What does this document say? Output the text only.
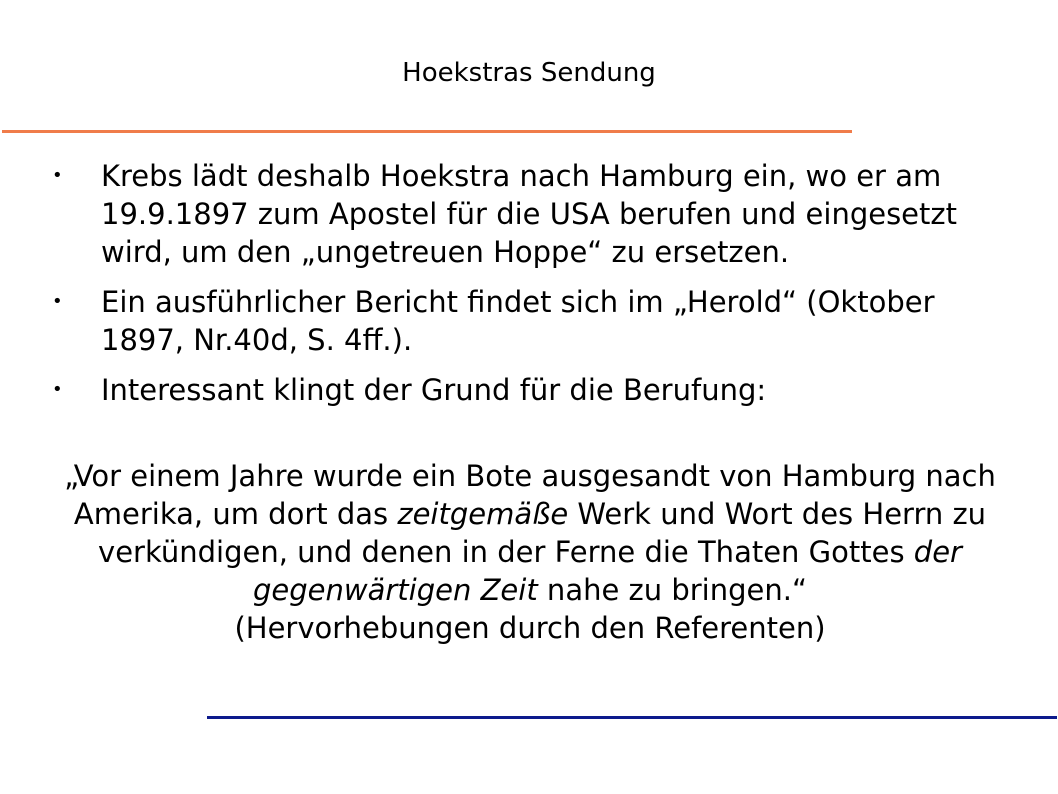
Hoekstras Sendung
• Krebs lädt deshalb Hoekstra nach Hamburg ein, wo er am 19.9.1897 zum Apostel für die USA berufen und eingesetzt wird, um den „ungetreuen Hoppe“ zu ersetzen.
• Ein ausführlicher Bericht findet sich im „Herold“ (Oktober 1897, Nr.40d, S. 4ff.).
• Interessant klingt der Grund für die Berufung:
„Vor einem Jahre wurde ein Bote ausgesandt von Hamburg nach Amerika, um dort das zeitgemäße Werk und Wort des Herrn zu verkündigen, und denen in der Ferne die Thaten Gottes der gegenwärtigen Zeit nahe zu bringen.“
(Hervorhebungen durch den Referenten)
